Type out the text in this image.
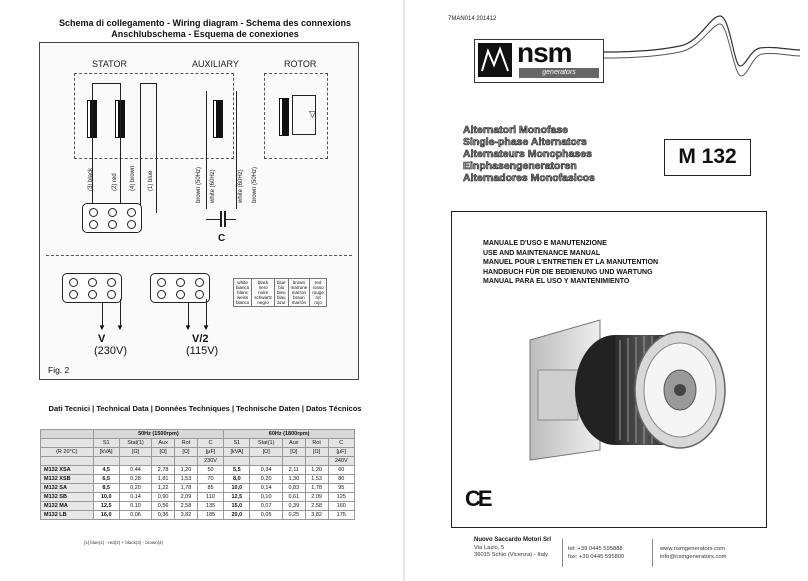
Schema di collegamento - Wiring diagram - Schema des connexions
Anschlubschema - Esquema de conexiones
STATOR	AUXILIARY	ROTOR
▽
(3) black	(2) red (4) brown (1) blue	brown (50Hz) white (60Hz)	white (60Hz) brown (50Hz)
C
▼ ▼
V
(230V)
▼ ▼
V/2
(115V)
white
bianco
blanc
weiss
blanco

black
nero
noire
schwartz
negro

blue
blu
bleu
blau
azul

brown
marrone
marron
braun
marrón

red
rosso
rouge
rot
rojo
Fig. 2
Dati Tecnici | Technical Data | Données Techniques | Technische Daten | Datos Técnicos
	50Hz (1500rpm)					60Hz (1800rpm)				
	S1	Stat(1)	Aux	Rot	C	S1	Stat(1)	Aux	Rot	C
(R 20°C)	[kVA]	[Ω]	[Ω]	[Ω]	[μF]	[kVA]	[Ω]	[Ω]	[Ω]	[μF]
					230V					240V
M132 XSA	4,5	0,44	2,78	1,20	50	5,5	0,34	2,11	1,20	60
M132 XSB	6,5	0,28	1,81	1,53	70	8,0	0,20	1,30	1,53	80
M132 SA	8,5	0,20	1,22	1,78	85	10,0	0,14	0,83	1,78	95
M132 SB	10,0	0,14	0,90	2,09	110	12,5	0,10	0,61	2,09	125
M132 MA	12,5	0,10	0,56	2,58	135	15,0	0,07	0,39	2,58	160
M132 LB	16,0	0,06	0,36	3,82	185	20,0	0,05	0,25	3,82	175
[1] blue(1) - red(2) + black(3) - brown(4)
7MAN014 201412
nsm
generators
Alternatori Monofase
Single-phase Alternators
Alternateurs Monophases
Einphasengeneratoren
Alternadores Monofasicos
M 132
MANUALE D'USO E MANUTENZIONE
USE AND MAINTENANCE MANUAL
MANUEL POUR L'ENTRETIEN ET LA MANUTENTION
HANDBUCH FÜR DIE BEDIENUNG UND WARTUNG
MANUAL PARA EL USO Y MANTENIMIENTO
CE
Nuovo Saccardo Motori Srl
Via Lazio, 5
36015 Schio (Vicenza) - Italy
tel: +39 0445 595888
fax: +39 0445 595800
www.nsmgenerators.com
info@nsmgenerators.com
